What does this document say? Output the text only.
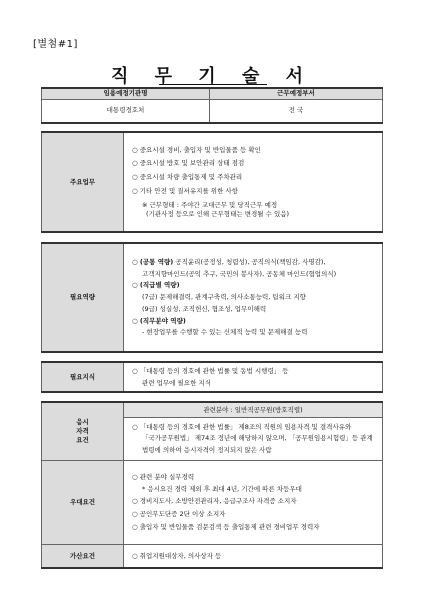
[별첨#1]
직 무 기 술 서
임용예정기관명	근무예정부서
대통령경호처	전 국
주요업무	
○ 중요시설 경비, 출입자 및 반입물품 등 확인
○ 중요시설 방호 및 보안관리 상태 점검
○ 중요시설 차량 출입통제 및 주차관리
○ 기타 안전 및 질서유지를 위한 사항
※ 근무형태 : 주야간 교대근무 및 당직근무 예정
(기관사정 등으로 인해 근무형태는 변경될 수 있음)
필요역량	
○ (공통 역량) 공직윤리(공정성, 청렴성), 공직의식(책임감, 사명감),
고객지향마인드(공익 추구, 국민의 봉사자), 공동체 마인드(협업의식)
○ (직급별 역량)
(7급) 문제해결력, 관계구축력, 의사소통능력, 팀워크 지향
(9급) 성실성, 조직헌신, 협조성, 업무이해력
○ (직무분야 역량)
- 현장업무를 수행할 수 있는 신체적 능력 및 문제해결 능력
필요지식	
○ 「대통령 등의 경호에 관한 법률 및 동법 시행령」 등
관련 업무에 필요한 지식
응시
자격
요건	관련분야 : 일반직공무원(방호직렬)

	○ 「대통령 등의 경호에 관한 법률」 제8조의 직원의 임용자격 및 결격사유와
「국가공무원법」 제74조 정년에 해당하지 않으며, 「공무원임용시험령」등 관계
법령에 의하여 응시자격이 정지되지 않은 사람

우대요건	○ 관련 분야 실무경력
* 응시요건 경력 제외 후 최대 4년, 기간에 따른 차등우대
○ 경비지도사, 소방안전관리자, 응급구조사 자격증 소지자
○ 공인무도단증 2단 이상 소지자
○ 출입자 및 반입물품 검문검색 등 출입통제 관련 경비업무 경력자

가산요건	○ 취업지원대상자, 의사상자 등
